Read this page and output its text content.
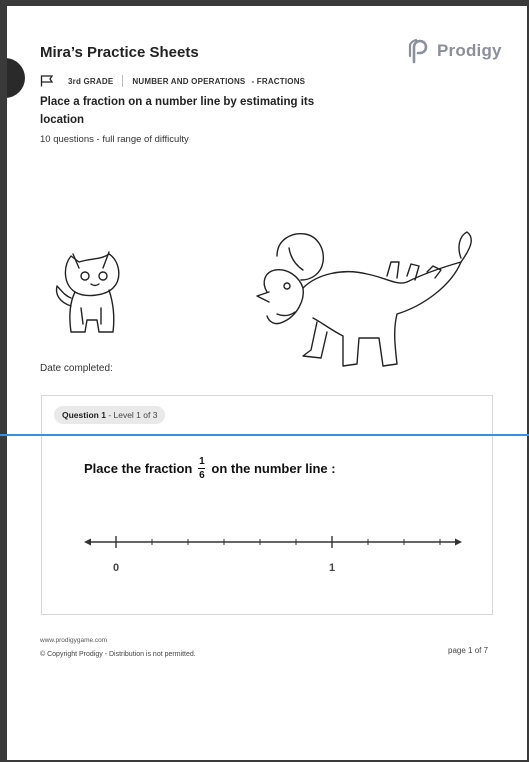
Mira’s Practice Sheets	Prodigy
3rd GRADE NUMBER AND OPERATIONS - FRACTIONS

Place a fraction on a number line by estimating its location

10 questions - full range of difficulty
Date completed:
Question 1 - Level 1 of 3
Place the fraction $\frac{1}{6}$ on the number line :
0	1
www.prodigygame.com
© Copyright Prodigy - Distribution is not permitted.	page 1 of 7
